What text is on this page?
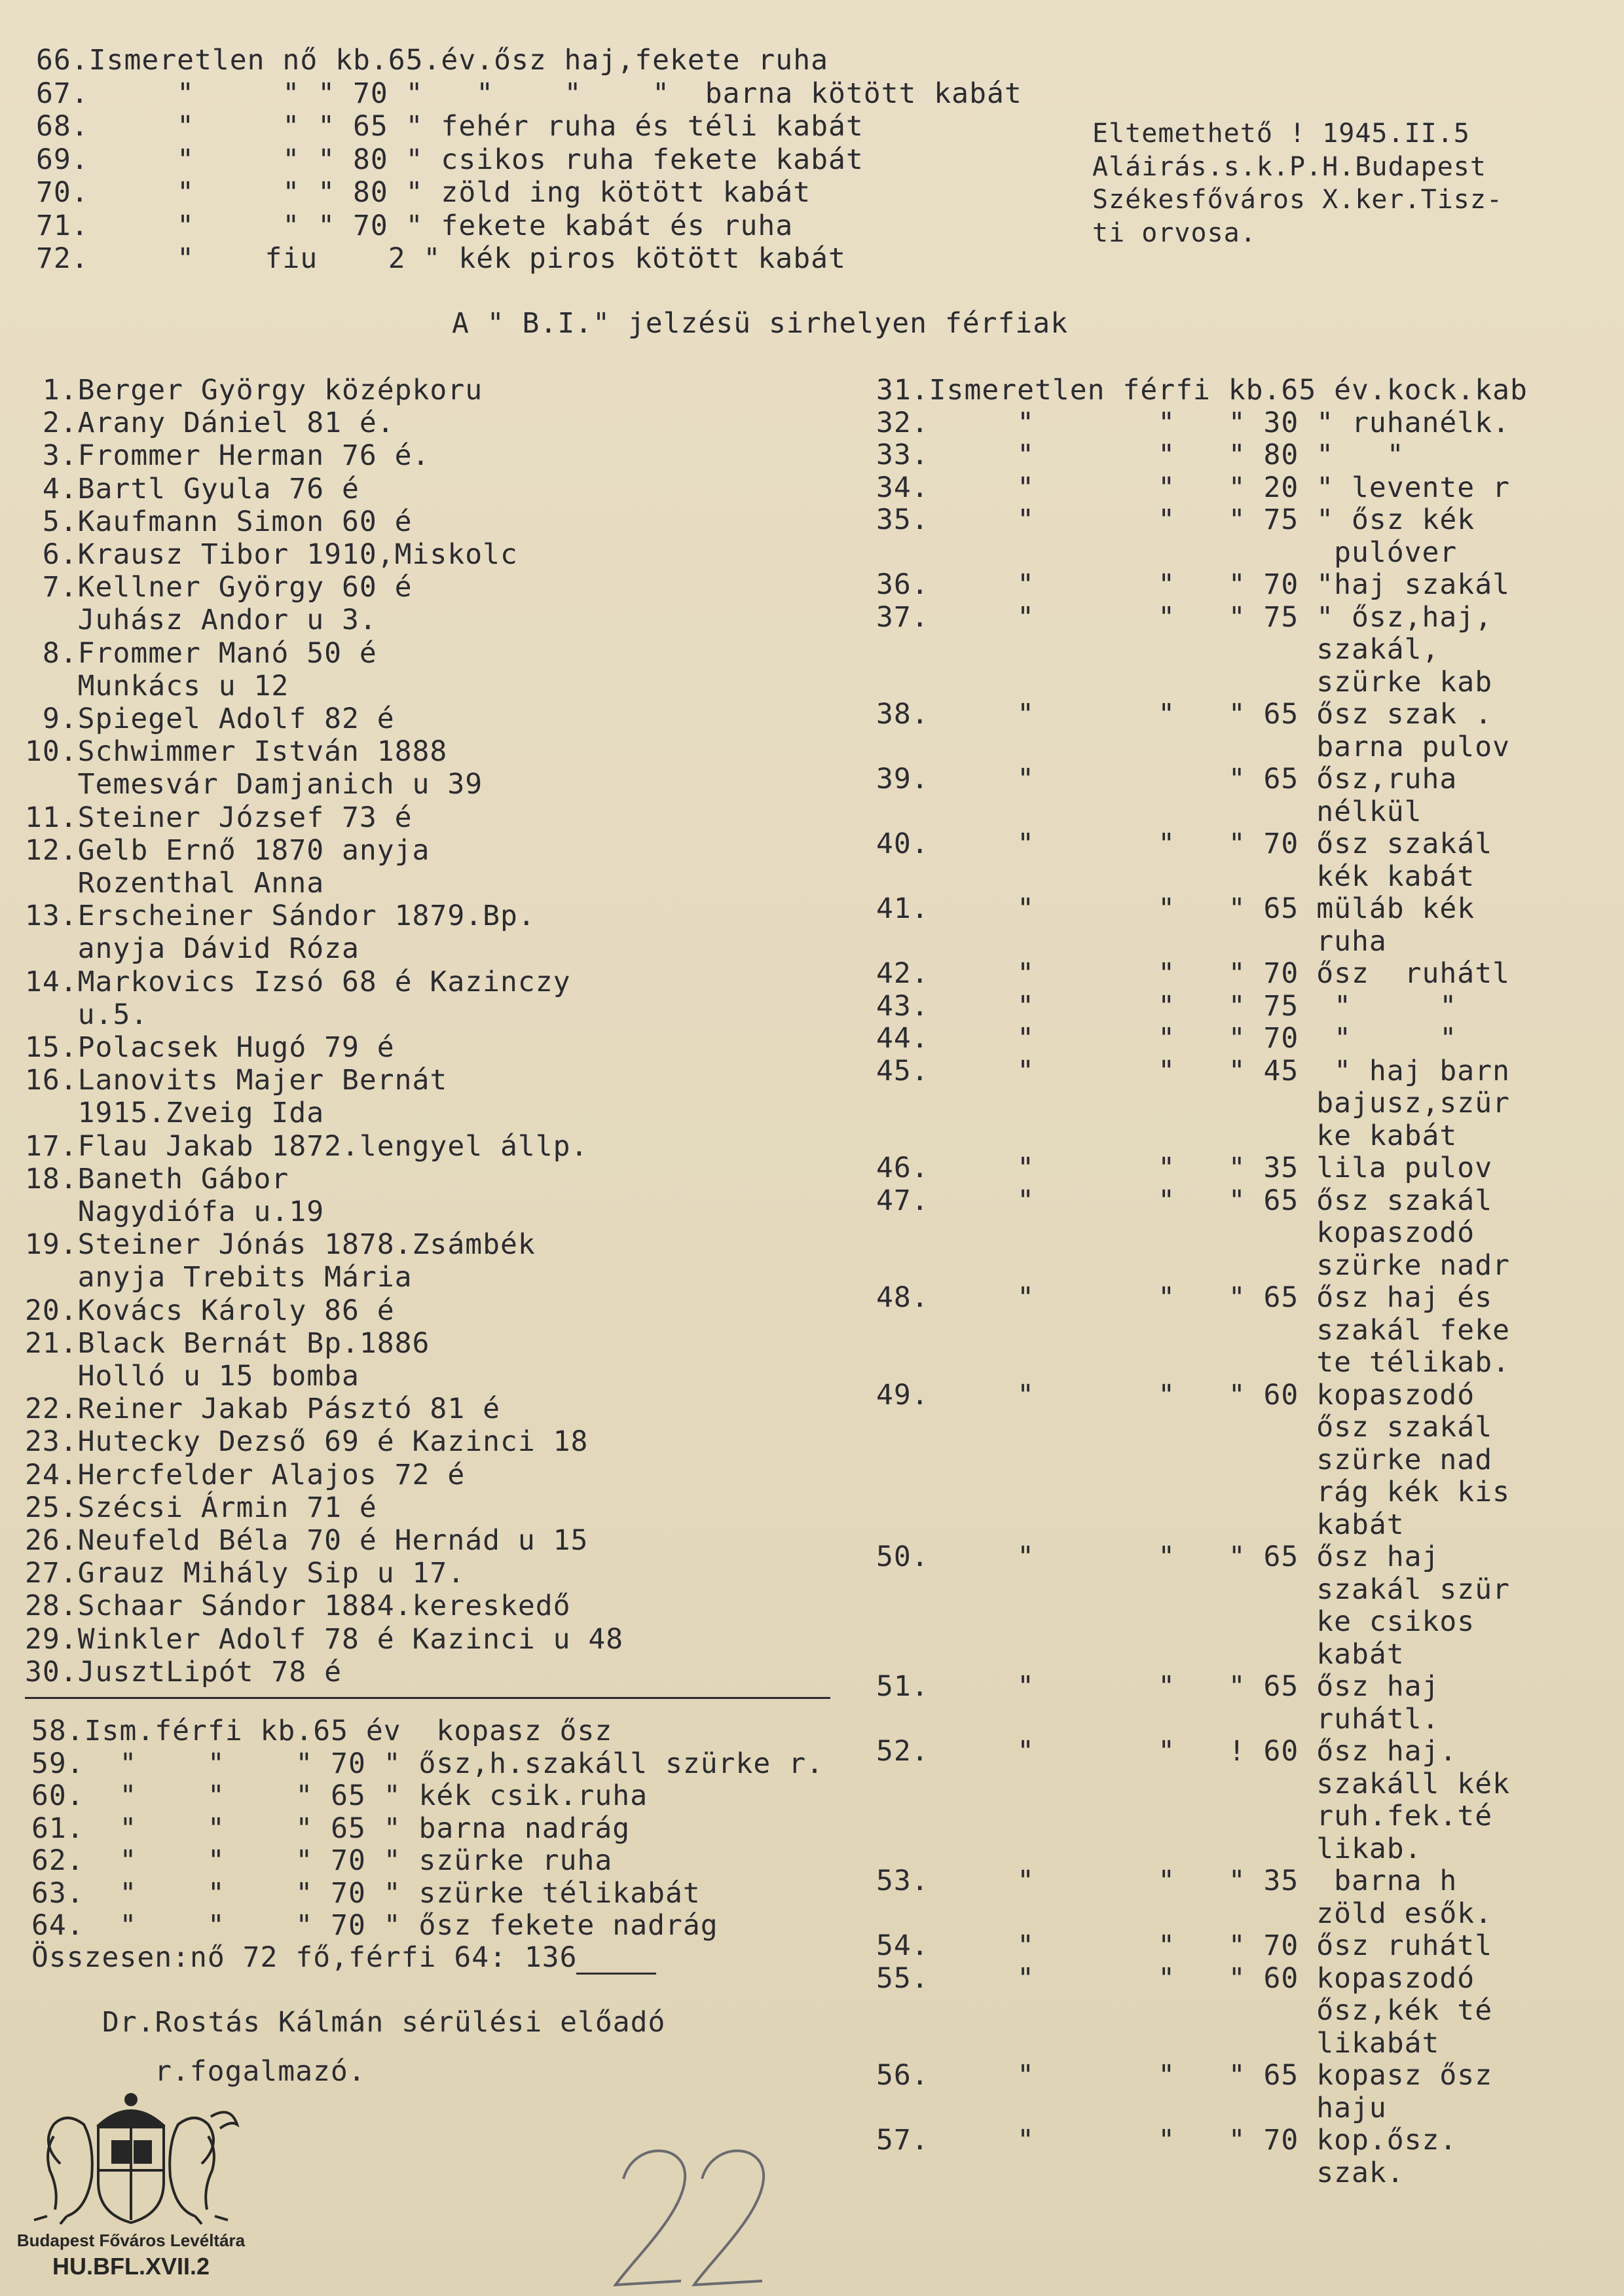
66.Ismeretlen nő kb.65.év.ősz haj,fekete ruha
67.     "     " " 70 "   "    "    "  barna kötött kabát
68.     "     " " 65 " fehér ruha és téli kabát
69.     "     " " 80 " csikos ruha fekete kabát
70.     "     " " 80 " zöld ing kötött kabát
71.     "     " " 70 " fekete kabát és ruha
72.     "    fiu    2 " kék piros kötött kabát
Eltemethető ! 1945.II.5
Aláirás.s.k.P.H.Budapest
Székesfőváros X.ker.Tisz-
ti orvosa.
A " B.I." jelzésü sirhelyen férfiak
1.Berger György középkoru
2.Arany Dániel 81 é.
3.Frommer Herman 76 é.
4.Bartl Gyula 76 é
5.Kaufmann Simon 60 é
6.Krausz Tibor 1910,Miskolc
7.Kellner György 60 é
Juhász Andor u 3.
8.Frommer Manó 50 é
Munkács u 12
9.Spiegel Adolf 82 é
10.Schwimmer István 1888
Temesvár Damjanich u 39
11.Steiner József 73 é
12.Gelb Ernő 1870 anyja
Rozenthal Anna
13.Erscheiner Sándor 1879.Bp.
anyja Dávid Róza
14.Markovics Izsó 68 é Kazinczy
u.5.
15.Polacsek Hugó 79 é
16.Lanovits Majer Bernát
1915.Zveig Ida
17.Flau Jakab 1872.lengyel állp.
18.Baneth Gábor
Nagydiófa u.19
19.Steiner Jónás 1878.Zsámbék
anyja Trebits Mária
20.Kovács Károly 86 é
21.Black Bernát Bp.1886
Holló u 15 bomba
22.Reiner Jakab Pásztó 81 é
23.Hutecky Dezső 69 é Kazinci 18
24.Hercfelder Alajos 72 é
25.Szécsi Ármin 71 é
26.Neufeld Béla 70 é Hernád u 15
27.Grauz Mihály Sip u 17.
28.Schaar Sándor 1884.kereskedő
29.Winkler Adolf 78 é Kazinci u 48
30.JusztLipót 78 é
31.Ismeretlen férfi kb.65 év.kock.kab
32.     "       "   " 30 " ruhanélk.
33.     "       "   " 80 "   "
34.     "       "   " 20 " levente r
35.     "       "   " 75 " ősz kék
pulóver
36.     "       "   " 70 "haj szakál
37.     "       "   " 75 " ősz,haj,
szakál,
szürke kab
38.     "       "   " 65 ősz szak .
barna pulov
39.     "           " 65 ősz,ruha
nélkül
40.     "       "   " 70 ősz szakál
kék kabát
41.     "       "   " 65 müláb kék
ruha
42.     "       "   " 70 ősz  ruhátl
43.     "       "   " 75  "     "
44.     "       "   " 70  "     "
45.     "       "   " 45  " haj barn
bajusz,szür
ke kabát
46.     "       "   " 35 lila pulov
47.     "       "   " 65 ősz szakál
kopaszodó
szürke nadr
48.     "       "   " 65 ősz haj és
szakál feke
te télikab.
49.     "       "   " 60 kopaszodó
ősz szakál
szürke nad
rág kék kis
kabát
50.     "       "   " 65 ősz haj
szakál szür
ke csikos
kabát
51.     "       "   " 65 ősz haj
ruhátl.
52.     "       "   ! 60 ősz haj.
szakáll kék
ruh.fek.té
likab.
53.     "       "   " 35  barna h
zöld esők.
54.     "       "   " 70 ősz ruhátl
55.     "       "   " 60 kopaszodó
ősz,kék té
likabát
56.     "       "   " 65 kopasz ősz
haju
57.     "       "   " 70 kop.ősz.
szak.
58.Ism.férfi kb.65 év  kopasz ősz
59.  "    "    " 70 " ősz,h.szakáll szürke r.
60.  "    "    " 65 " kék csik.ruha
61.  "    "    " 65 " barna nadrág
62.  "    "    " 70 " szürke ruha
63.  "    "    " 70 " szürke télikabát
64.  "    "    " 70 " ősz fekete nadrág
Összesen:nő 72 fő,férfi 64: 136
Dr.Rostás Kálmán sérülési előadó
r.fogalmazó.
Budapest Főváros Levéltára
HU.BFL.XVII.2
